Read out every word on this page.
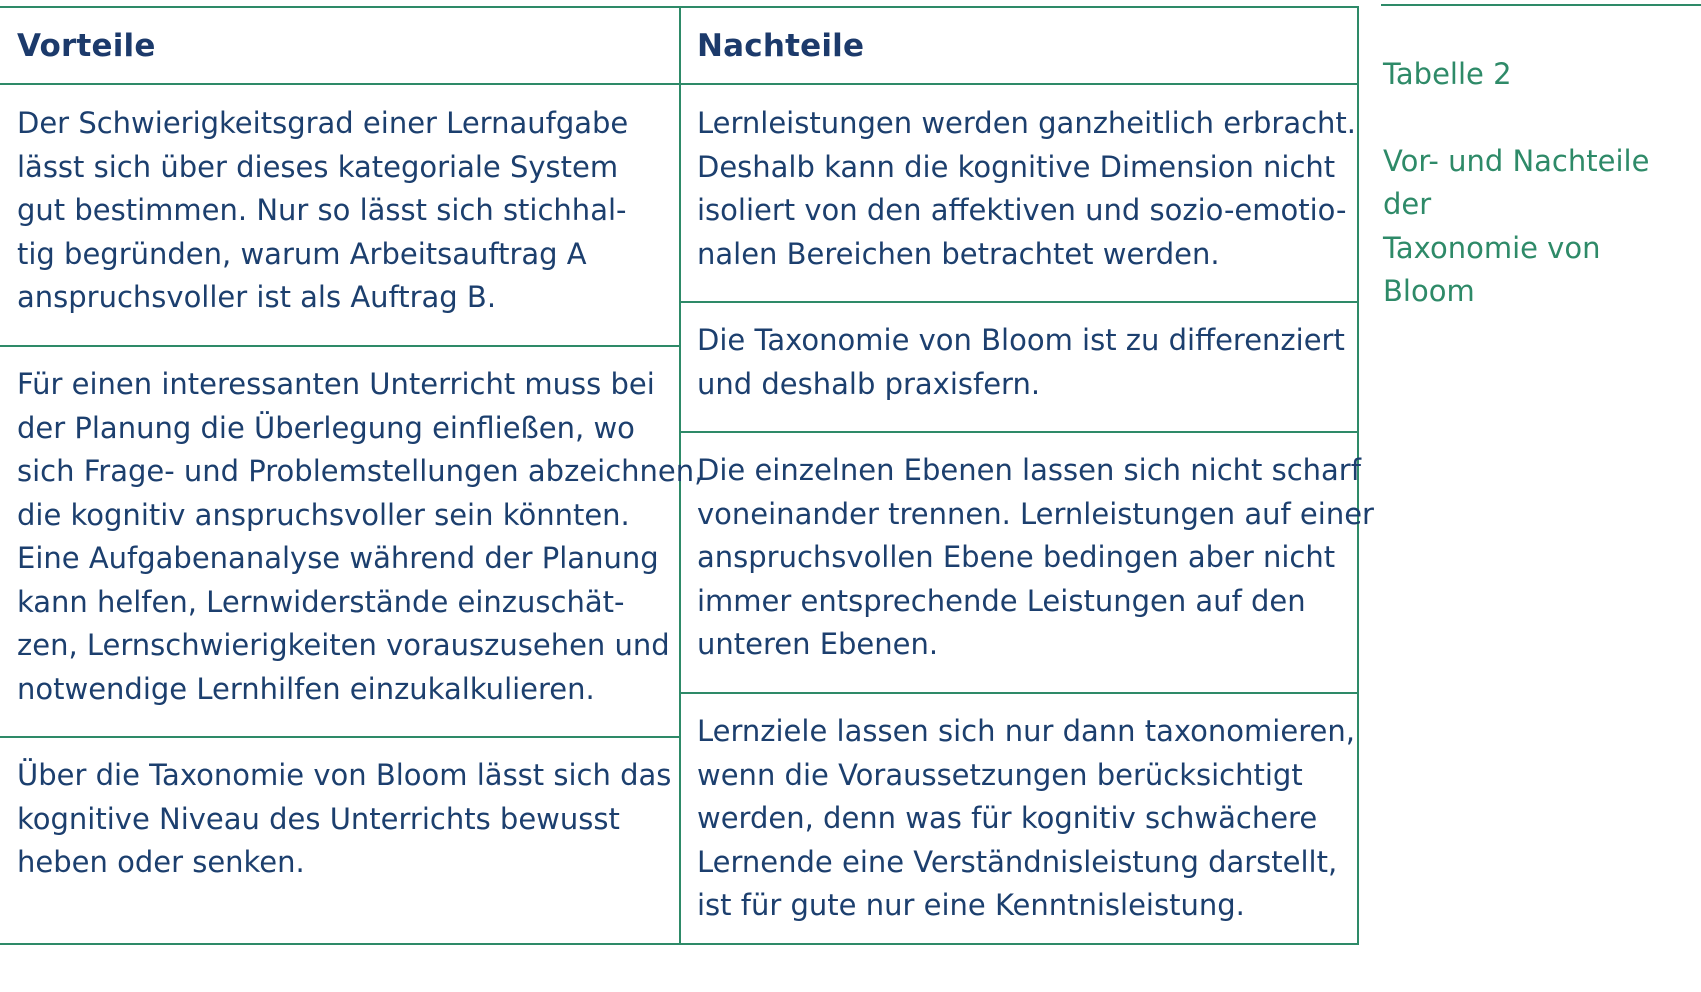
Vorteile	Nachteile
Der Schwierigkeitsgrad einer Lernaufgabe
lässt sich über dieses kategoriale System
gut bestimmen. Nur so lässt sich stichhal-
tig begründen, warum Arbeitsauftrag A
anspruchsvoller ist als Auftrag B.
Für einen interessanten Unterricht muss bei
der Planung die Überlegung einfließen, wo
sich Frage- und Problemstellungen abzeichnen,
die kognitiv anspruchsvoller sein könnten.
Eine Aufgabenanalyse während der Planung
kann helfen, Lernwiderstände einzuschät-
zen, Lernschwierigkeiten vorauszusehen und
notwendige Lernhilfen einzukalkulieren.
Über die Taxonomie von Bloom lässt sich das
kognitive Niveau des Unterrichts bewusst
heben oder senken.
Lernleistungen werden ganzheitlich erbracht.
Deshalb kann die kognitive Dimension nicht
isoliert von den affektiven und sozio-emotio-
nalen Bereichen betrachtet werden.
Die Taxonomie von Bloom ist zu differenziert
und deshalb praxisfern.
Die einzelnen Ebenen lassen sich nicht scharf
voneinander trennen. Lernleistungen auf einer
anspruchsvollen Ebene bedingen aber nicht
immer entsprechende Leistungen auf den
unteren Ebenen.
Lernziele lassen sich nur dann taxonomieren,
wenn die Voraussetzungen berücksichtigt
werden, denn was für kognitiv schwächere
Lernende eine Verständnisleistung darstellt,
ist für gute nur eine Kenntnisleistung.

Tabelle 2

Vor- und Nachteile der
Taxonomie von Bloom
